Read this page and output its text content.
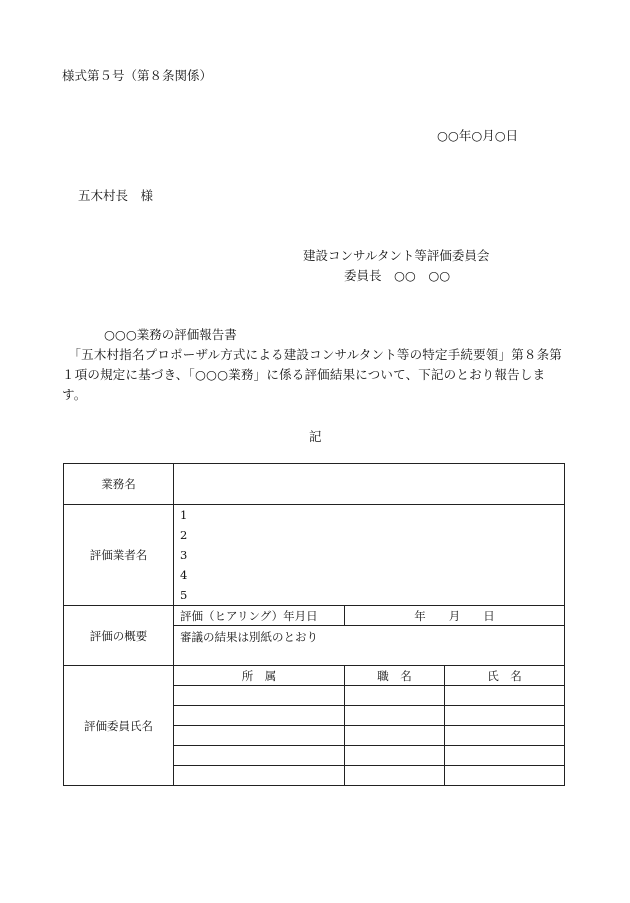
様式第５号（第８条関係）
○○年○月○日
五木村長　様
建設コンサルタント等評価委員会
委員長　○○　○○
○○○業務の評価報告書
　「五木村指名プロポーザル方式による建設コンサルタント等の特定手続要領」第８条第１項の規定に基づき、「○○○業務」に係る評価結果について、下記のとおり報告します。
記
業務名			
評価業者名	1
2
3
4
5		

評価の概要	評価（ヒアリング）年月日	年　　月　　日	
	審議の結果は別紙のとおり		
評価委員氏名	所　属	職　名	氏　名
